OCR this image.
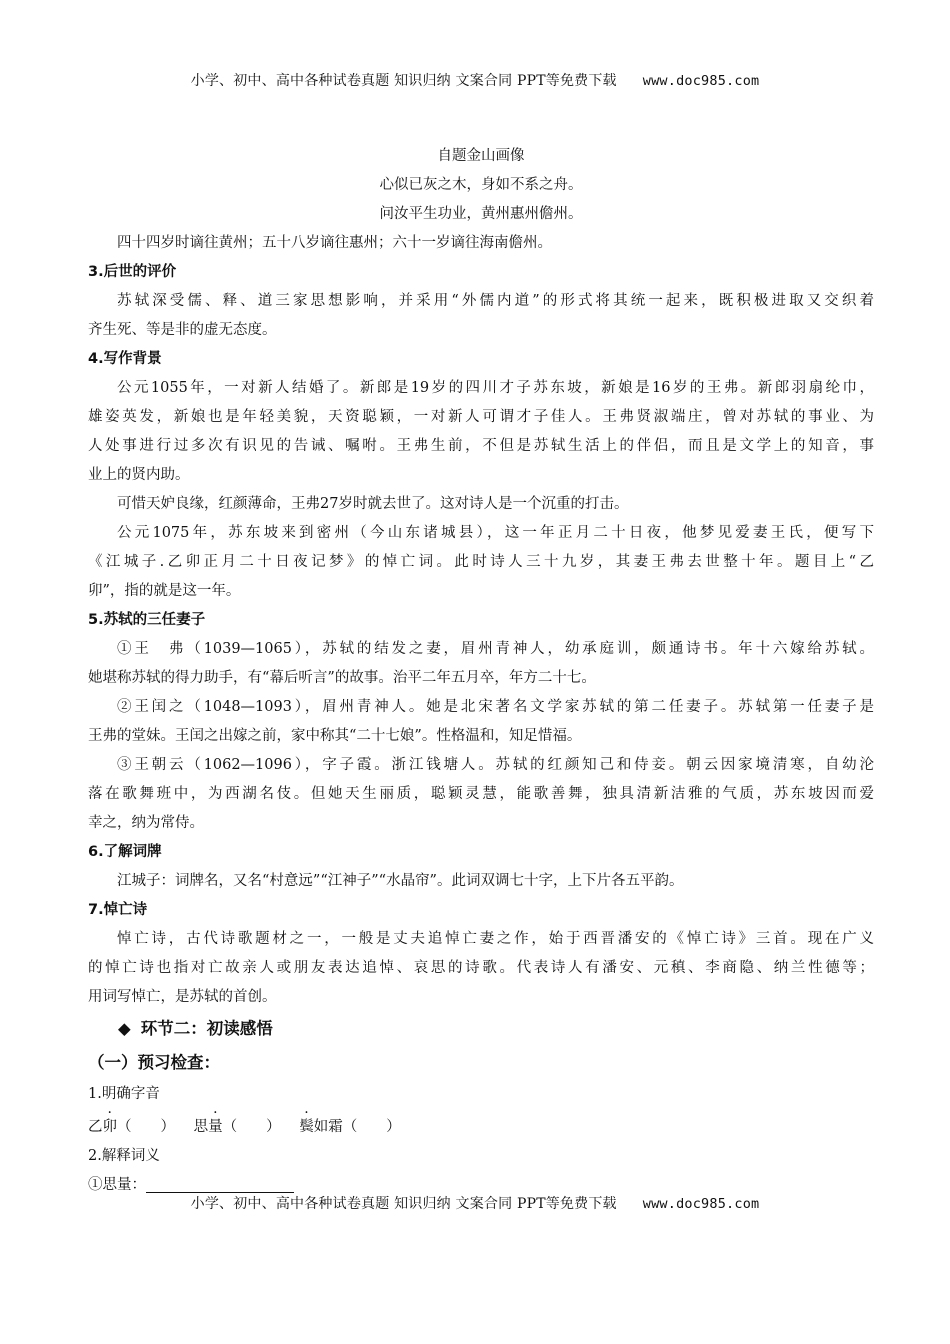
小学、初中、高中各种试卷真题 知识归纳 文案合同 PPT等免费下载 www.doc985.com
自题金山画像
心似已灰之木，身如不系之舟。
问汝平生功业，黄州惠州儋州。
四十四岁时谪往黄州；五十八岁谪往惠州；六十一岁谪往海南儋州。
3.后世的评价
苏轼深受儒、释、道三家思想影响，并采用“外儒内道”的形式将其统一起来，既积极进取又交织着
齐生死、等是非的虚无态度。
4.写作背景
公元1055年，一对新人结婚了。新郎是19岁的四川才子苏东坡，新娘是16岁的王弗。新郎羽扇纶巾，
雄姿英发，新娘也是年轻美貌，天资聪颖，一对新人可谓才子佳人。王弗贤淑端庄，曾对苏轼的事业、为
人处事进行过多次有识见的告诫、嘱咐。王弗生前，不但是苏轼生活上的伴侣，而且是文学上的知音，事
业上的贤内助。
可惜天妒良缘，红颜薄命，王弗27岁时就去世了。这对诗人是一个沉重的打击。
公元1075年，苏东坡来到密州（今山东诸城县），这一年正月二十日夜，他梦见爱妻王氏，便写下
《江城子.乙卯正月二十日夜记梦》的悼亡词。此时诗人三十九岁，其妻王弗去世整十年。题目上“乙
卯”，指的就是这一年。
5.苏轼的三任妻子
①王　弗（1039—1065），苏轼的结发之妻，眉州青神人，幼承庭训，颇通诗书。年十六嫁给苏轼。
她堪称苏轼的得力助手，有“幕后听言”的故事。治平二年五月卒，年方二十七。
②王闰之（1048—1093），眉州青神人。她是北宋著名文学家苏轼的第二任妻子。苏轼第一任妻子是
王弗的堂妹。王闰之出嫁之前，家中称其“二十七娘”。性格温和，知足惜福。
③王朝云（1062—1096），字子霞。浙江钱塘人。苏轼的红颜知己和侍妾。朝云因家境清寒，自幼沦
落在歌舞班中，为西湖名伎。但她天生丽质，聪颖灵慧，能歌善舞，独具清新洁雅的气质，苏东坡因而爱
幸之，纳为常侍。
6.了解词牌
江城子：词牌名，又名“村意远”“江神子”“水晶帘”。此词双调七十字，上下片各五平韵。
7.悼亡诗
悼亡诗，古代诗歌题材之一，一般是丈夫追悼亡妻之作，始于西晋潘安的《悼亡诗》三首。现在广义
的悼亡诗也指对亡故亲人或朋友表达追悼、哀思的诗歌。代表诗人有潘安、元稹、李商隐、纳兰性德等；
用词写悼亡，是苏轼的首创。
◆ 环节二：初读感悟
（一）预习检查：
1.明确字音
乙卯（　　） 思量（　　） 鬓如霜（　　）
2.解释词义
①思量：
小学、初中、高中各种试卷真题 知识归纳 文案合同 PPT等免费下载 www.doc985.com
